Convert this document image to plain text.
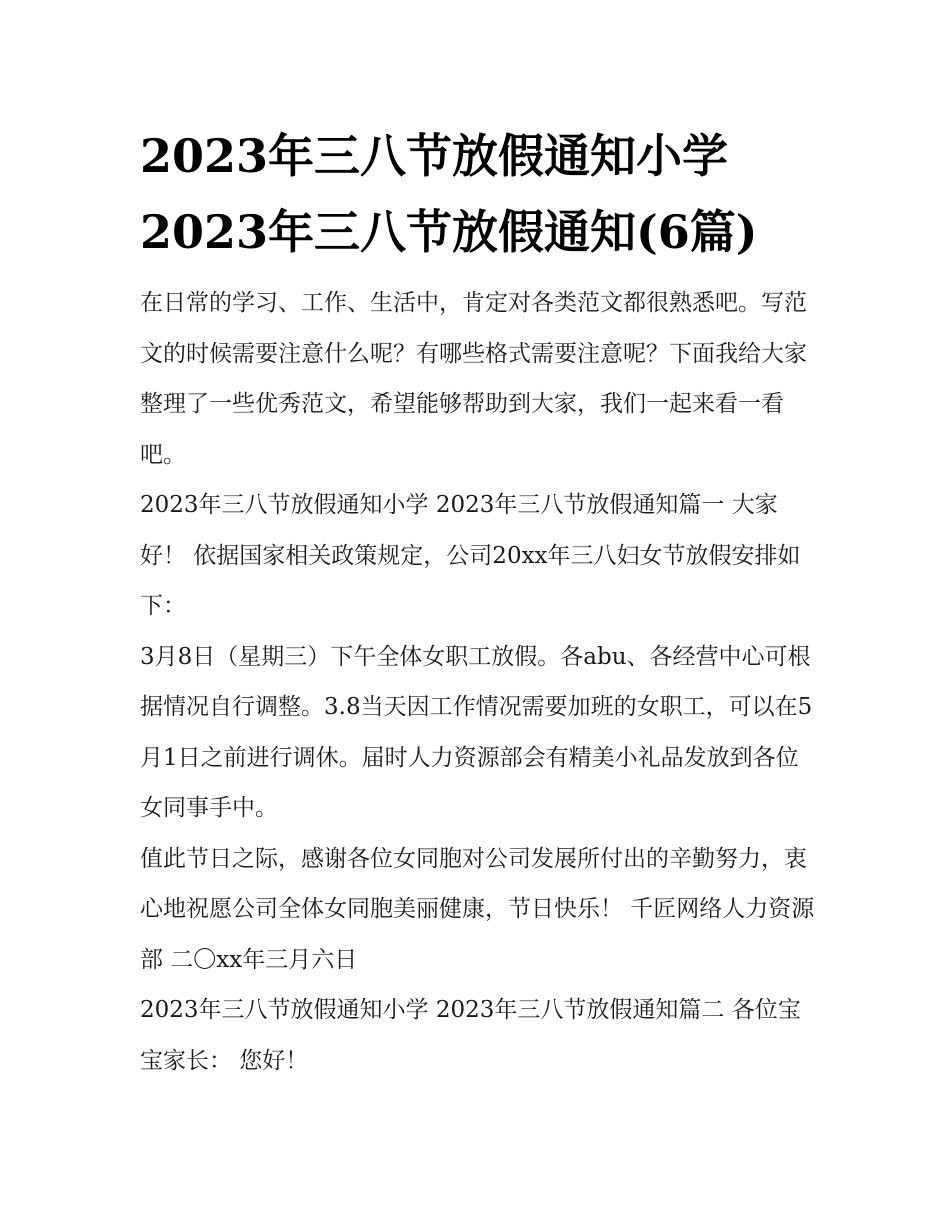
2023年三八节放假通知小学
2023年三八节放假通知(6篇)

在日常的学习、工作、生活中，肯定对各类范文都很熟悉吧。写范文的时候需要注意什么呢？有哪些格式需要注意呢？下面我给大家整理了一些优秀范文，希望能够帮助到大家，我们一起来看一看吧。

2023年三八节放假通知小学 2023年三八节放假通知篇一 大家好！ 依据国家相关政策规定，公司20xx年三八妇女节放假安排如下：

3月8日（星期三）下午全体女职工放假。各abu、各经营中心可根据情况自行调整。3.8当天因工作情况需要加班的女职工，可以在5月1日之前进行调休。届时人力资源部会有精美小礼品发放到各位女同事手中。

值此节日之际，感谢各位女同胞对公司发展所付出的辛勤努力，衷心地祝愿公司全体女同胞美丽健康，节日快乐！ 千匠网络人力资源部 二〇xx年三月六日

2023年三八节放假通知小学 2023年三八节放假通知篇二 各位宝宝家长： 您好！
